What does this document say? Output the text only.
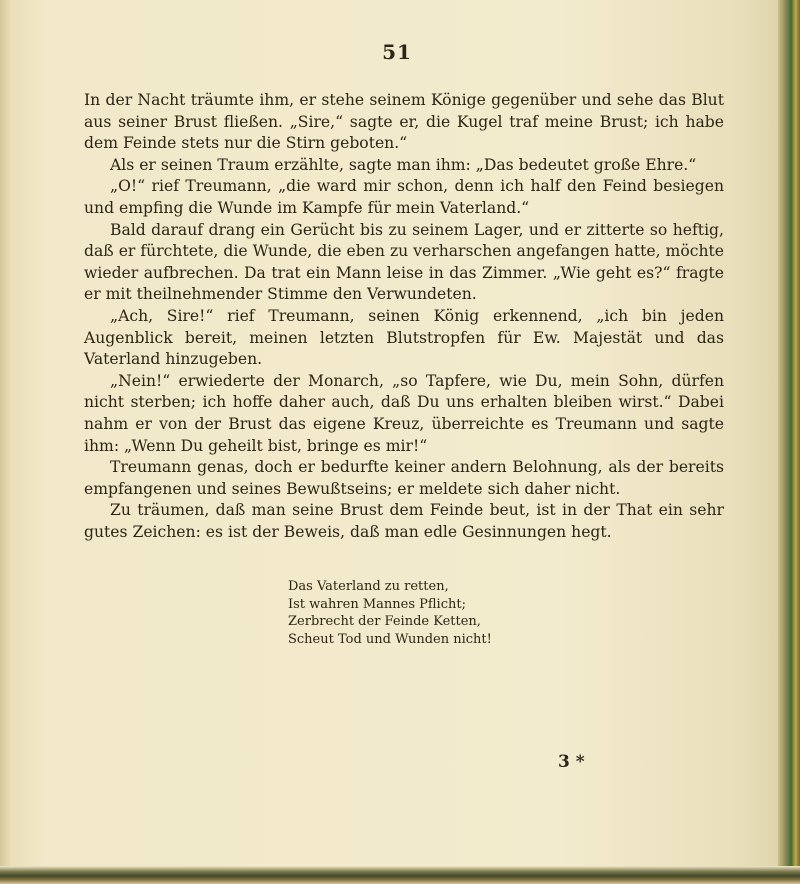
51

In der Nacht träumte ihm, er stehe seinem Könige gegenüber und sehe das Blut aus seiner Brust fließen. „Sire,“ sagte er, die Kugel traf meine Brust; ich habe dem Feinde stets nur die Stirn geboten.“

Als er seinen Traum erzählte, sagte man ihm: „Das bedeutet große Ehre.“

„O!“ rief Treumann, „die ward mir schon, denn ich half den Feind besiegen und empfing die Wunde im Kampfe für mein Vaterland.“

Bald darauf drang ein Gerücht bis zu seinem Lager, und er zitterte so heftig, daß er fürchtete, die Wunde, die eben zu verharschen angefangen hatte, möchte wieder aufbrechen. Da trat ein Mann leise in das Zimmer. „Wie geht es?“ fragte er mit theilnehmender Stimme den Verwundeten.

„Ach, Sire!“ rief Treumann, seinen König erkennend, „ich bin jeden Augenblick bereit, meinen letzten Blutstropfen für Ew. Majestät und das Vaterland hinzugeben.

„Nein!“ erwiederte der Monarch, „so Tapfere, wie Du, mein Sohn, dürfen nicht sterben; ich hoffe daher auch, daß Du uns erhalten bleiben wirst.“ Dabei nahm er von der Brust das eigene Kreuz, überreichte es Treumann und sagte ihm: „Wenn Du geheilt bist, bringe es mir!“

Treumann genas, doch er bedurfte keiner andern Belohnung, als der bereits empfangenen und seines Bewußtseins; er meldete sich daher nicht.

Zu träumen, daß man seine Brust dem Feinde beut, ist in der That ein sehr gutes Zeichen: es ist der Beweis, daß man edle Gesinnungen hegt.

Das Vaterland zu retten,
Ist wahren Mannes Pflicht;
Zerbrecht der Feinde Ketten,
Scheut Tod und Wunden nicht!
3 *
